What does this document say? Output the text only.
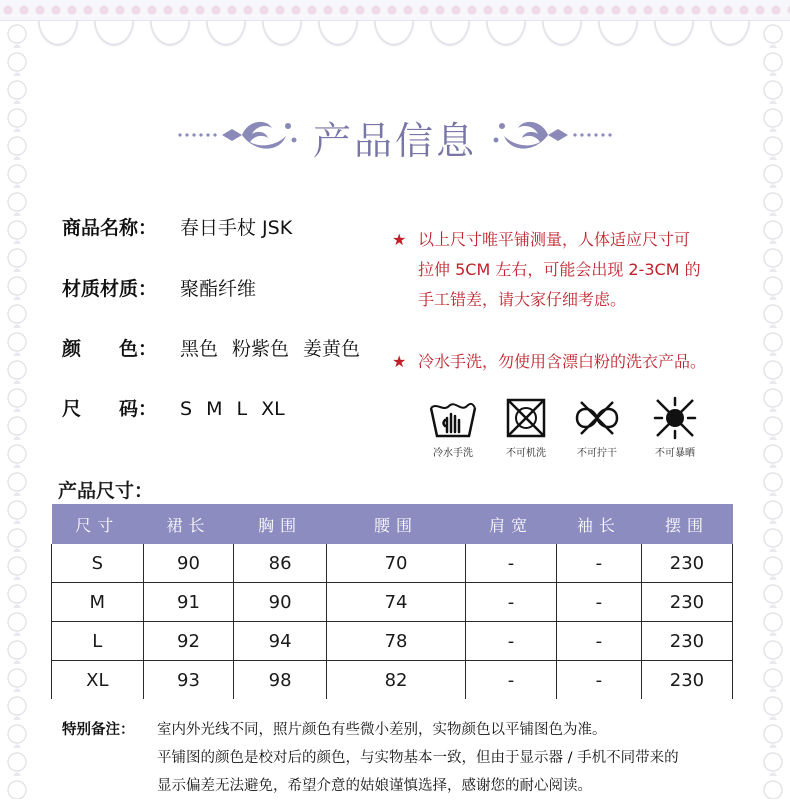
产品信息
商品名称： 春日手杖 JSK
材质材质： 聚酯纤维
颜 色： 黑色 粉紫色 姜黄色
尺 码： S M L XL
★ 以上尺寸唯平铺测量，人体适应尺寸可
拉伸 5CM 左右，可能会出现 2-3CM 的
手工错差，请大家仔细考虑。
★ 冷水手洗，勿使用含漂白粉的洗衣产品。
冷水手洗	不可机洗	不可拧干	不可暴晒
产品尺寸：
尺寸	裙长	胸围	腰围	肩宽	袖长	摆围
S	90	86	70	-	-	230
M	91	90	74	-	-	230
L	92	94	78	-	-	230
XL	93	98	82	-	-	230
特别备注：	室内外光线不同，照片颜色有些微小差别，实物颜色以平铺图色为准。
平铺图的颜色是校对后的颜色，与实物基本一致，但由于显示器 / 手机不同带来的
显示偏差无法避免，希望介意的姑娘谨慎选择，感谢您的耐心阅读。
